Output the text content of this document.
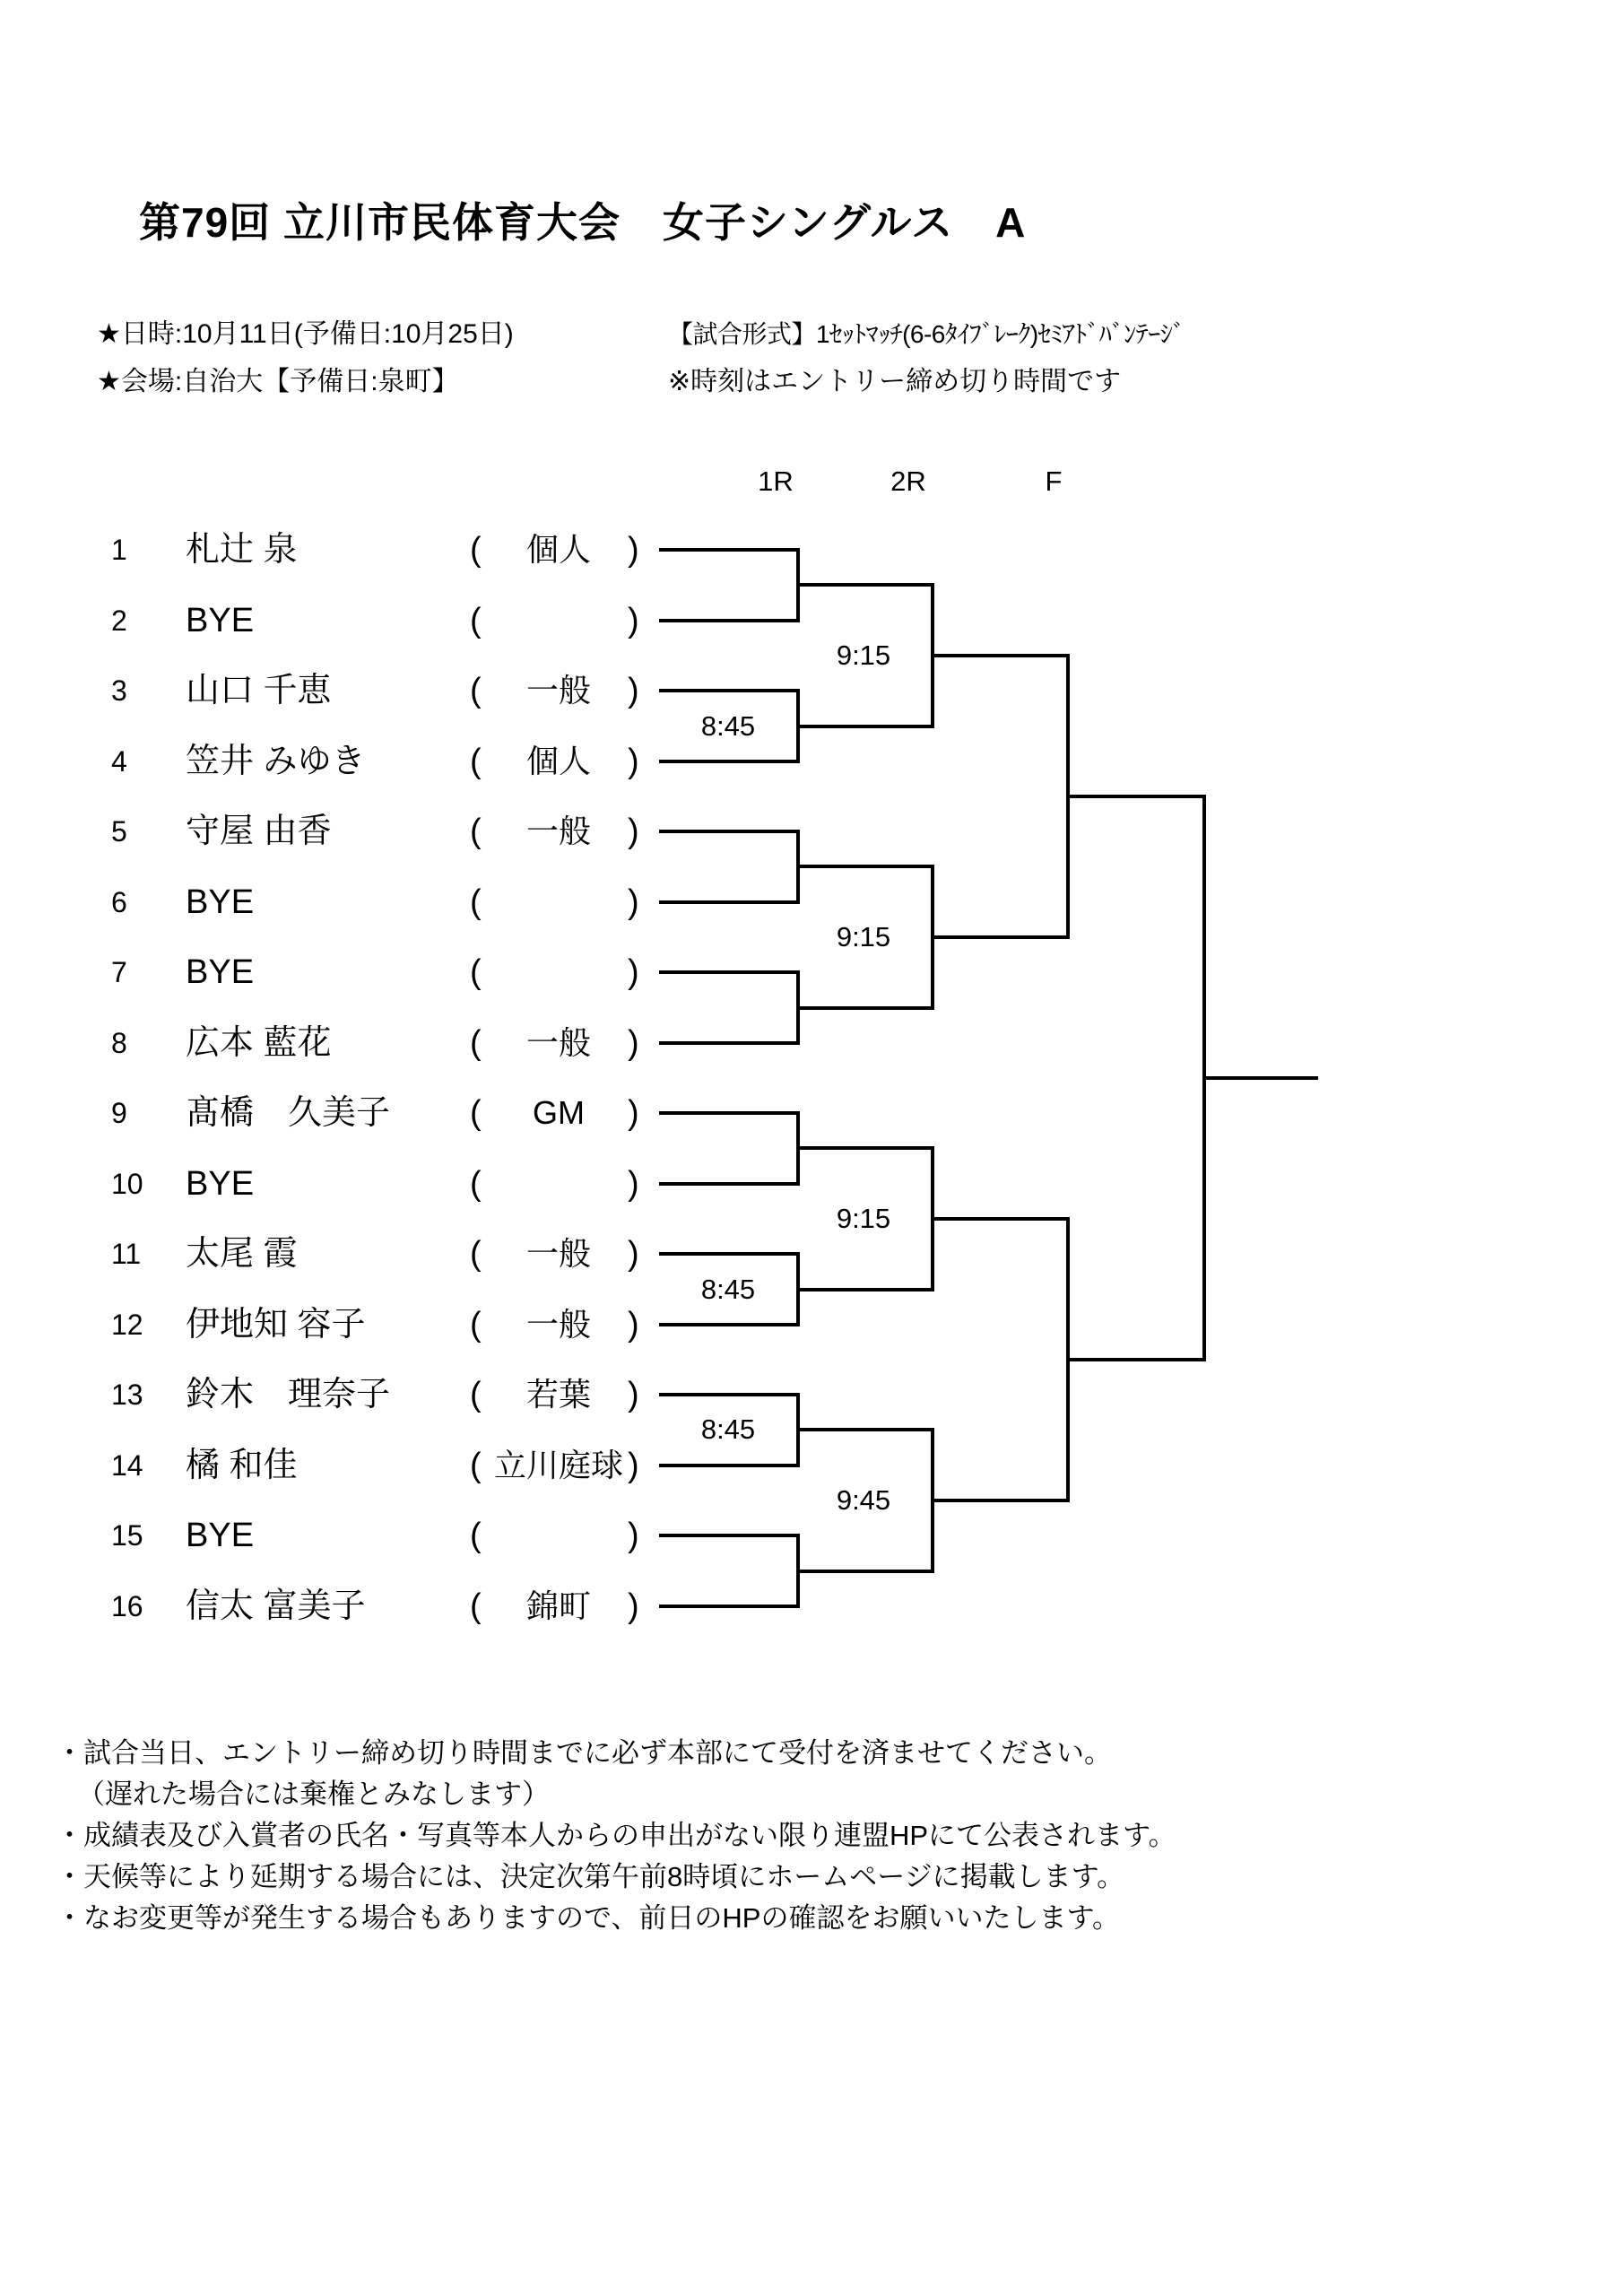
第79回 立川市民体育大会　女子シングルス　A
★日時:10月11日(予備日:10月25日)	【試合形式】1ｾｯﾄﾏｯﾁ(6-6ﾀｲﾌﾞﾚｰｸ)ｾﾐｱﾄﾞﾊﾞﾝﾃｰｼﾞ
★会場:自治大【予備日:泉町】	※時刻はエントリー締め切り時間です
1R	2R	F
1 札辻 泉	(	個人	)
2 BYE	(	)
3 山口 千恵	(	一般	)
4 笠井 みゆき	(	個人	)
5 守屋 由香	(	一般	)
6 BYE	(	)
7 BYE	(	)
8 広本 藍花	(	一般	)
9 髙橋　久美子 (	GM	)
10 BYE	(	)
11 太尾 霞	(	一般	)
12 伊地知 容子	(	一般	)
13 鈴木　理奈子 (	若葉	)
14 橘 和佳	( 立川庭球 )
15 BYE	(	)
16 信太 富美子	(	錦町	)
9:15
8:45
9:15
9:15
8:45
8:45
9:45
・試合当日、エントリー締め切り時間までに必ず本部にて受付を済ませてください。
（遅れた場合には棄権とみなします）
・成績表及び入賞者の氏名・写真等本人からの申出がない限り連盟HPにて公表されます。
・天候等により延期する場合には、決定次第午前8時頃にホームページに掲載します。
・なお変更等が発生する場合もありますので、前日のHPの確認をお願いいたします。
